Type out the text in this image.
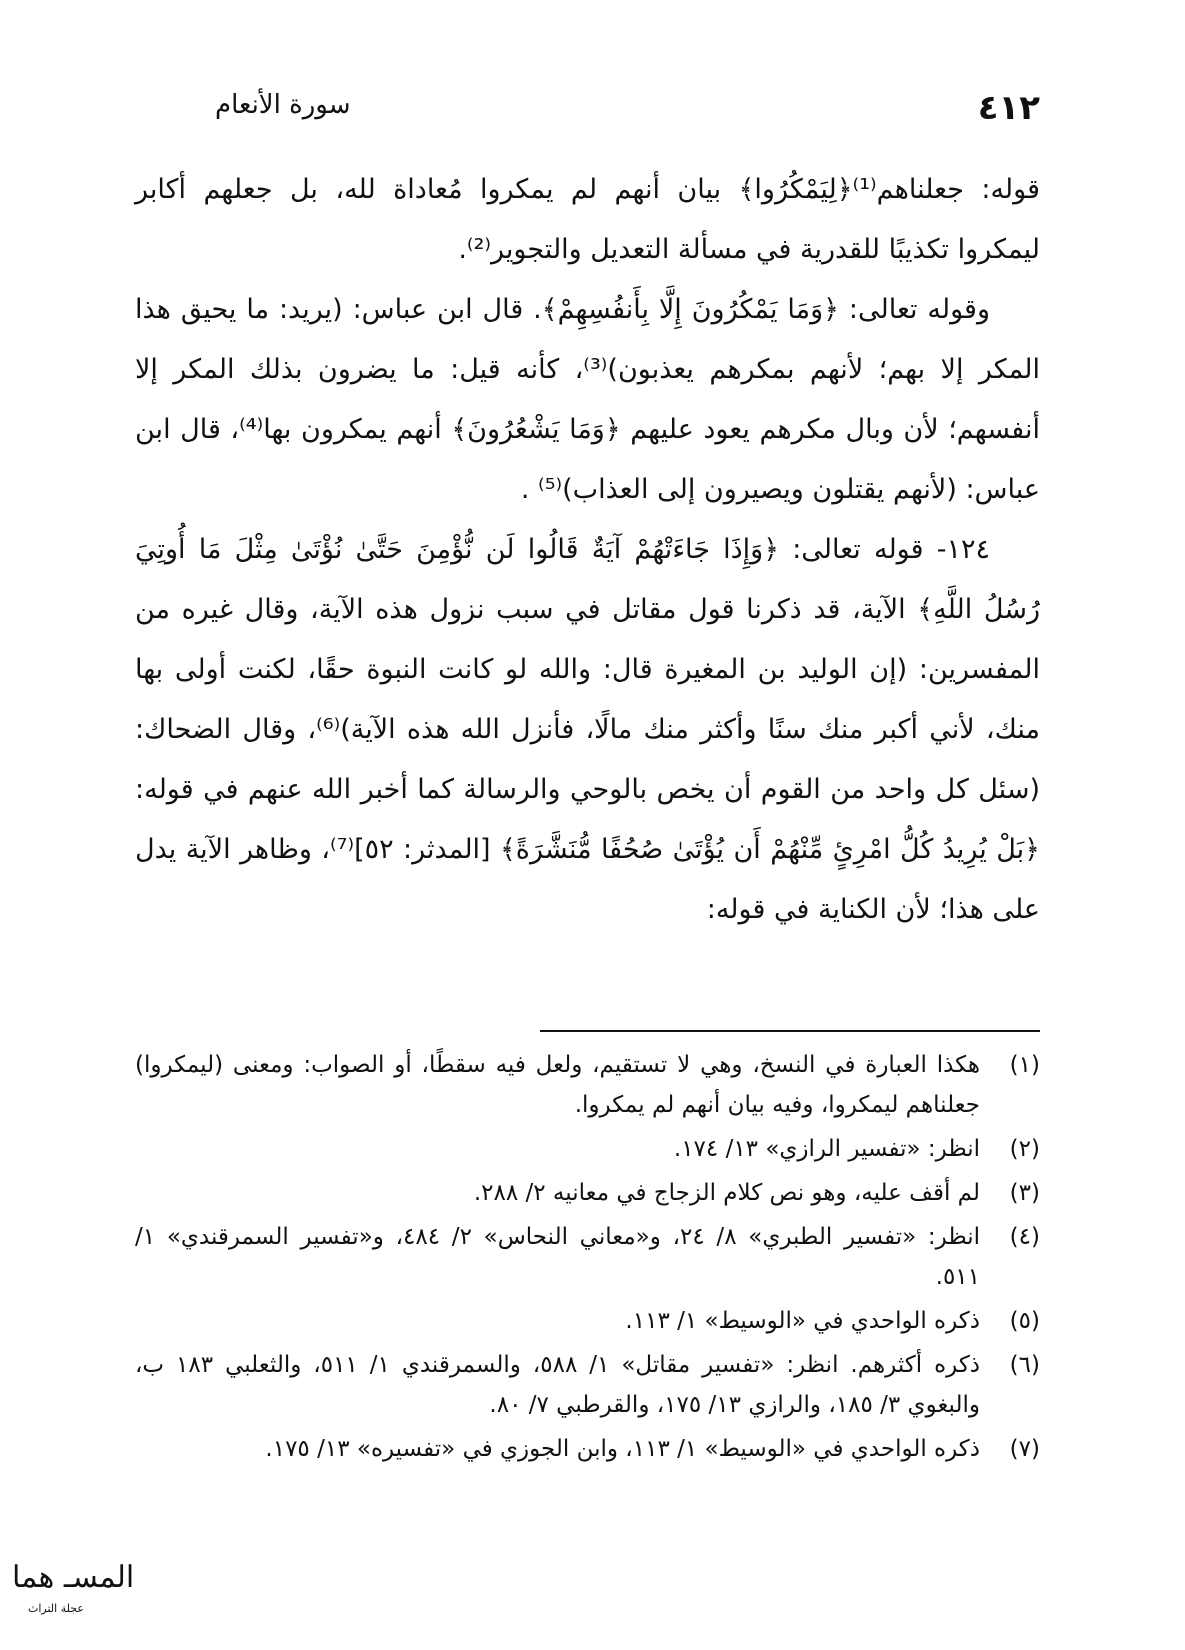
٤١٢
سورة الأنعام

قوله: جعلناهم⁽¹⁾﴿لِيَمْكُرُوا﴾ بيان أنهم لم يمكروا مُعاداة لله، بل جعلهم أكابر ليمكروا تكذيبًا للقدرية في مسألة التعديل والتجوير⁽²⁾.

وقوله تعالى: ﴿وَمَا يَمْكُرُونَ إِلَّا بِأَنفُسِهِمْ﴾. قال ابن عباس: (يريد: ما يحيق هذا المكر إلا بهم؛ لأنهم بمكرهم يعذبون)⁽³⁾، كأنه قيل: ما يضرون بذلك المكر إلا أنفسهم؛ لأن وبال مكرهم يعود عليهم ﴿وَمَا يَشْعُرُونَ﴾ أنهم يمكرون بها⁽⁴⁾، قال ابن عباس: (لأنهم يقتلون ويصيرون إلى العذاب)⁽⁵⁾ .

١٢٤- قوله تعالى: ﴿وَإِذَا جَاءَتْهُمْ آيَةٌ قَالُوا لَن نُّؤْمِنَ حَتَّىٰ نُؤْتَىٰ مِثْلَ مَا أُوتِيَ رُسُلُ اللَّهِ﴾ الآية، قد ذكرنا قول مقاتل في سبب نزول هذه الآية، وقال غيره من المفسرين: (إن الوليد بن المغيرة قال: والله لو كانت النبوة حقًا، لكنت أولى بها منك، لأني أكبر منك سنًا وأكثر منك مالًا، فأنزل الله هذه الآية)⁽⁶⁾، وقال الضحاك: (سئل كل واحد من القوم أن يخص بالوحي والرسالة كما أخبر الله عنهم في قوله: ﴿بَلْ يُرِيدُ كُلُّ امْرِئٍ مِّنْهُمْ أَن يُؤْتَىٰ صُحُفًا مُّنَشَّرَةً﴾ [المدثر: ٥٢]⁽⁷⁾، وظاهر الآية يدل على هذا؛ لأن الكناية في قوله:

(١)
هكذا العبارة في النسخ، وهي لا تستقيم، ولعل فيه سقطًا، أو الصواب: ومعنى (ليمكروا) جعلناهم ليمكروا، وفيه بيان أنهم لم يمكروا.
(٢)
انظر: «تفسير الرازي» ١٣/ ١٧٤.
(٣)
لم أقف عليه، وهو نص كلام الزجاج في معانيه ٢/ ٢٨٨.
(٤)
انظر: «تفسير الطبري» ٨/ ٢٤، و«معاني النحاس» ٢/ ٤٨٤، و«تفسير السمرقندي» ١/ ٥١١.
(٥)
ذكره الواحدي في «الوسيط» ١/ ١١٣.
(٦)
ذكره أكثرهم. انظر: «تفسير مقاتل» ١/ ٥٨٨، والسمرقندي ١/ ٥١١، والثعلبي ١٨٣ ب، والبغوي ٣/ ١٨٥، والرازي ١٣/ ١٧٥، والقرطبي ٧/ ٨٠.
(٧)
ذكره الواحدي في «الوسيط» ١/ ١١٣، وابن الجوزي في «تفسيره» ١٣/ ١٧٥.
المسـ هما
عجلة التراث
